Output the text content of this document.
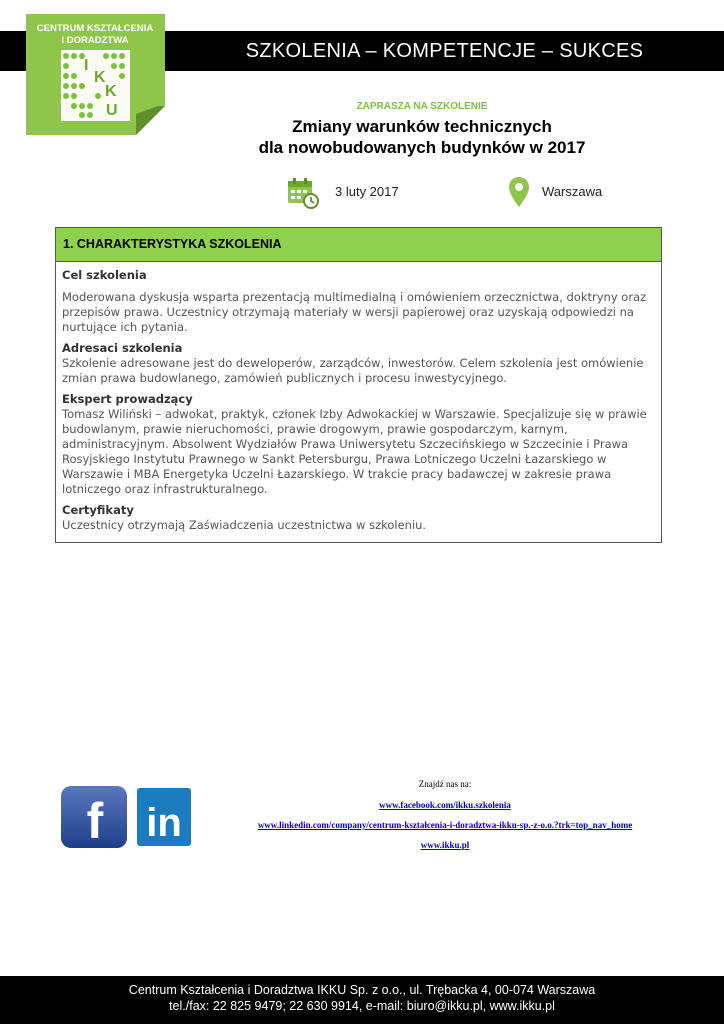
SZKOLENIA – KOMPETENCJE – SUKCES
CENTRUM KSZTAŁCENIA
I DORADZTWA
I
K
K
U	ZAPRASZA NA SZKOLENIE
Zmiany warunków technicznych
dla nowobudowanych budynków w 2017
3 luty 2017	Warszawa
1. CHARAKTERYSTYKA SZKOLENIA

Cel szkolenia

Moderowana dyskusja wsparta prezentacją multimedialną i omówieniem orzecznictwa, doktryny oraz przepisów prawa. Uczestnicy otrzymają materiały w wersji papierowej oraz uzyskają odpowiedzi na nurtujące ich pytania.

Adresaci szkolenia

Szkolenie adresowane jest do deweloperów, zarządców, inwestorów. Celem szkolenia jest omówienie zmian prawa budowlanego, zamówień publicznych i procesu inwestycyjnego.

Ekspert prowadzący

Tomasz Wiliński – adwokat, praktyk, członek Izby Adwokackiej w Warszawie. Specjalizuje się w prawie budowlanym, prawie nieruchomości, prawie drogowym, prawie gospodarczym, karnym, administracyjnym. Absolwent Wydziałów Prawa Uniwersytetu Szczecińskiego w Szczecinie i Prawa Rosyjskiego Instytutu Prawnego w Sankt Petersburgu, Prawa Lotniczego Uczelni Łazarskiego w Warszawie i MBA Energetyka Uczelni Łazarskiego. W trakcie pracy badawczej w zakresie prawa lotniczego oraz infrastrukturalnego.

Certyfikaty

Uczestnicy otrzymają Zaświadczenia uczestnictwa w szkoleniu.

f in
Znajdź nas na:
www.facebook.com/ikku.szkolenia
www.linkedin.com/company/centrum-kształcenia-i-doradztwa-ikku-sp.-z-o.o.?trk=top_nav_home
www.ikku.pl
Centrum Kształcenia i Doradztwa IKKU Sp. z o.o., ul. Trębacka 4, 00-074 Warszawa
tel./fax: 22 825 9479; 22 630 9914, e-mail: biuro@ikku.pl, www.ikku.pl
